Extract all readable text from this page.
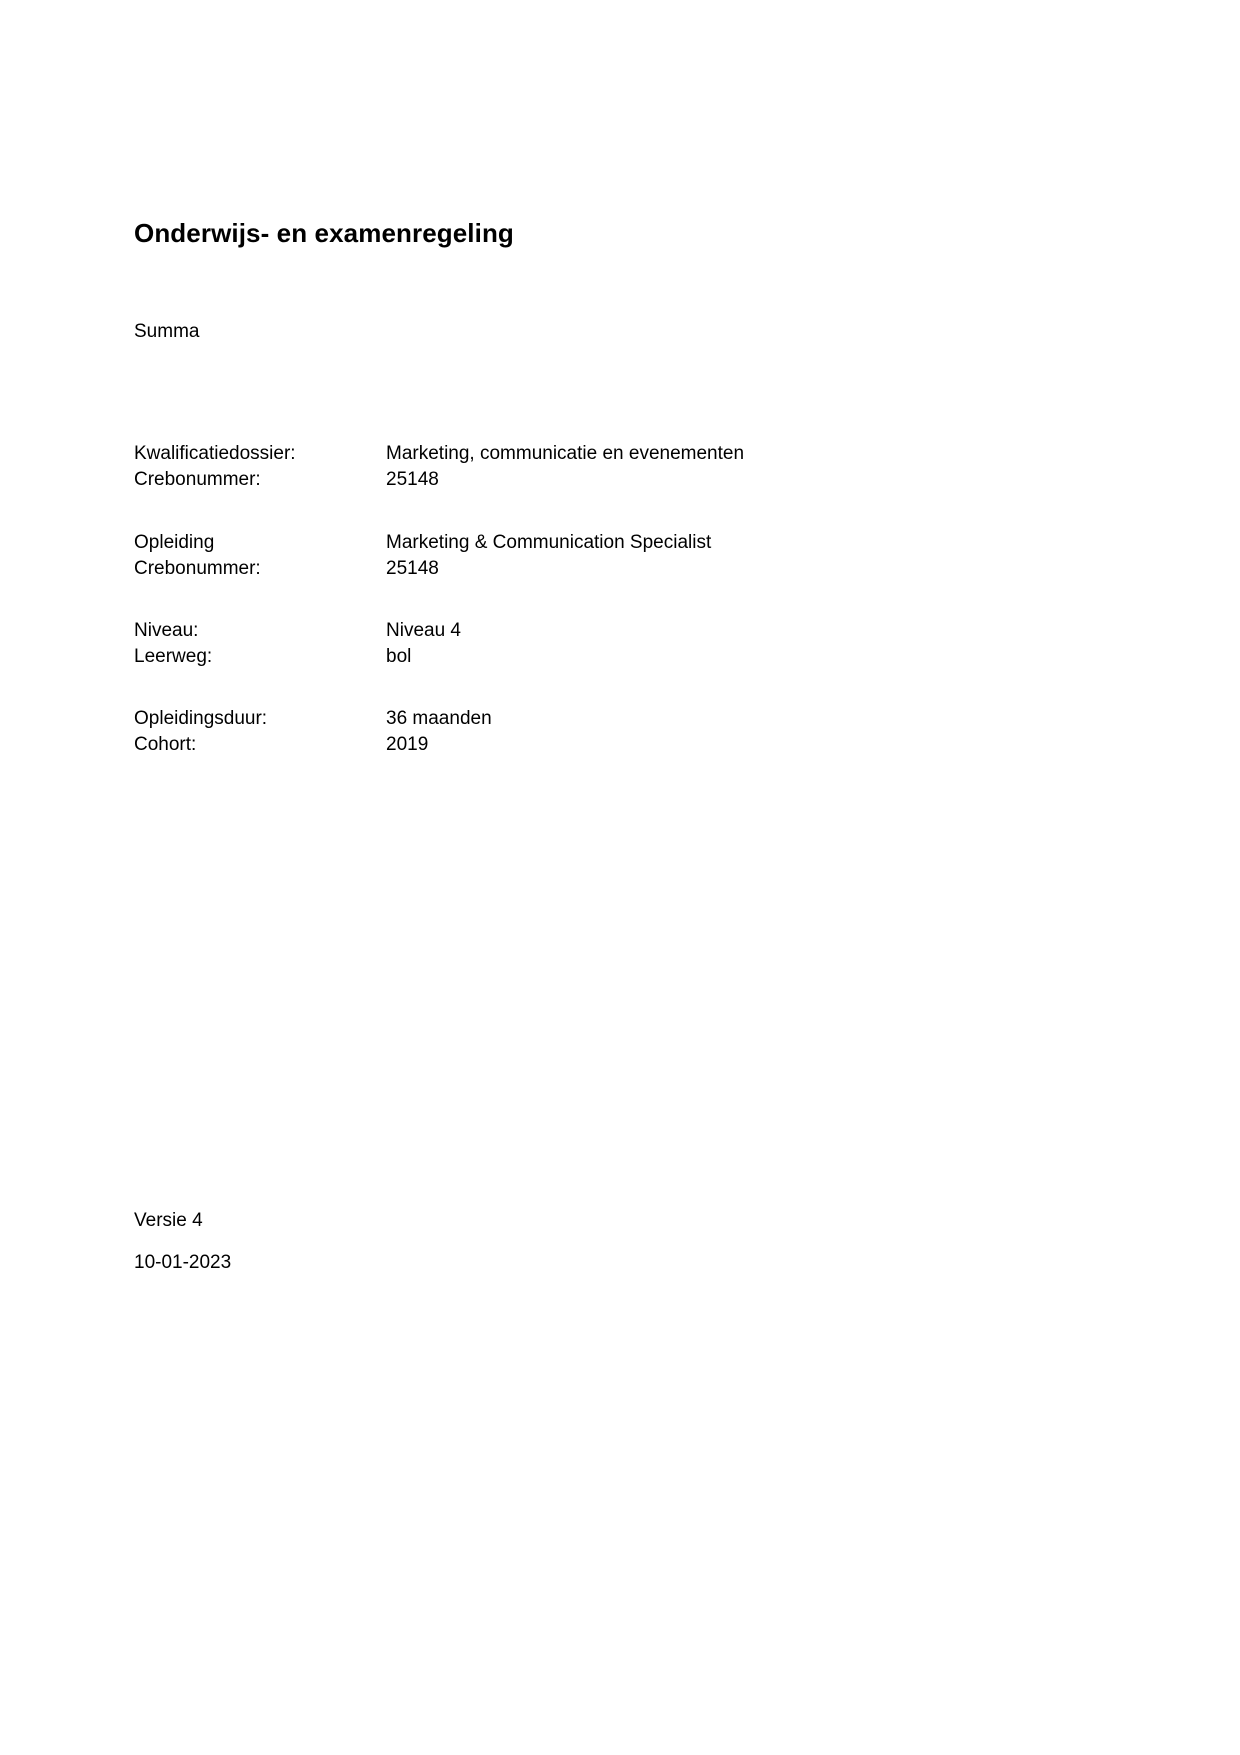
Onderwijs- en examenregeling
Summa
Kwalificatiedossier:	Marketing, communicatie en evenementen
Crebonummer:	25148
Opleiding	Marketing & Communication Specialist
Crebonummer:	25148
Niveau:	Niveau 4
Leerweg:	bol
Opleidingsduur:	36 maanden
Cohort:	2019
Versie 4
10-01-2023
